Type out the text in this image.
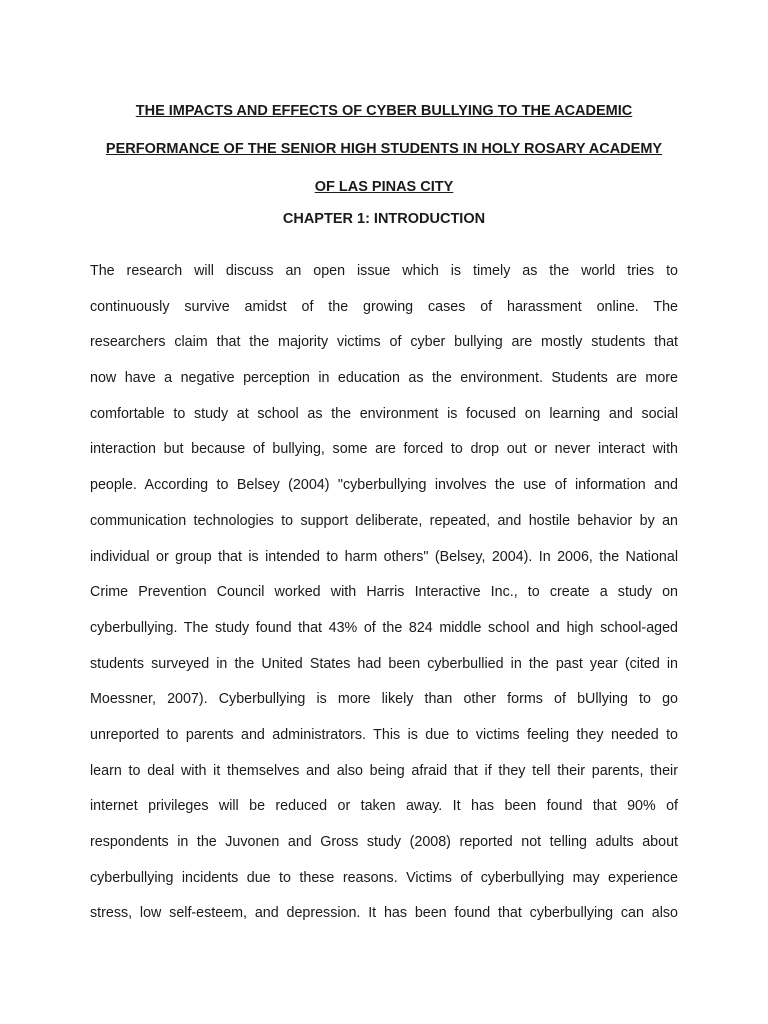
THE IMPACTS AND EFFECTS OF CYBER BULLYING TO THE ACADEMIC
PERFORMANCE OF THE SENIOR HIGH STUDENTS IN HOLY ROSARY ACADEMY
OF LAS PINAS CITY
CHAPTER 1: INTRODUCTION
The research will discuss an open issue which is timely as the world tries to
continuously survive amidst of the growing cases of harassment online. The
researchers claim that the majority victims of cyber bullying are mostly students that
now have a negative perception in education as the environment. Students are more
comfortable to study at school as the environment is focused on learning and social
interaction but because of bullying, some are forced to drop out or never interact with
people. According to Belsey (2004) "cyberbullying involves the use of information and
communication technologies to support deliberate, repeated, and hostile behavior by an
individual or group that is intended to harm others" (Belsey, 2004). In 2006, the National
Crime Prevention Council worked with Harris Interactive Inc., to create a study on
cyberbullying. The study found that 43% of the 824 middle school and high school-aged
students surveyed in the United States had been cyberbullied in the past year (cited in
Moessner, 2007). Cyberbullying is more likely than other forms of bUllying to go
unreported to parents and administrators. This is due to victims feeling they needed to
learn to deal with it themselves and also being afraid that if they tell their parents, their
internet privileges will be reduced or taken away. It has been found that 90% of
respondents in the Juvonen and Gross study (2008) reported not telling adults about
cyberbullying incidents due to these reasons. Victims of cyberbullying may experience
stress, low self-esteem, and depression. It has been found that cyberbullying can also
